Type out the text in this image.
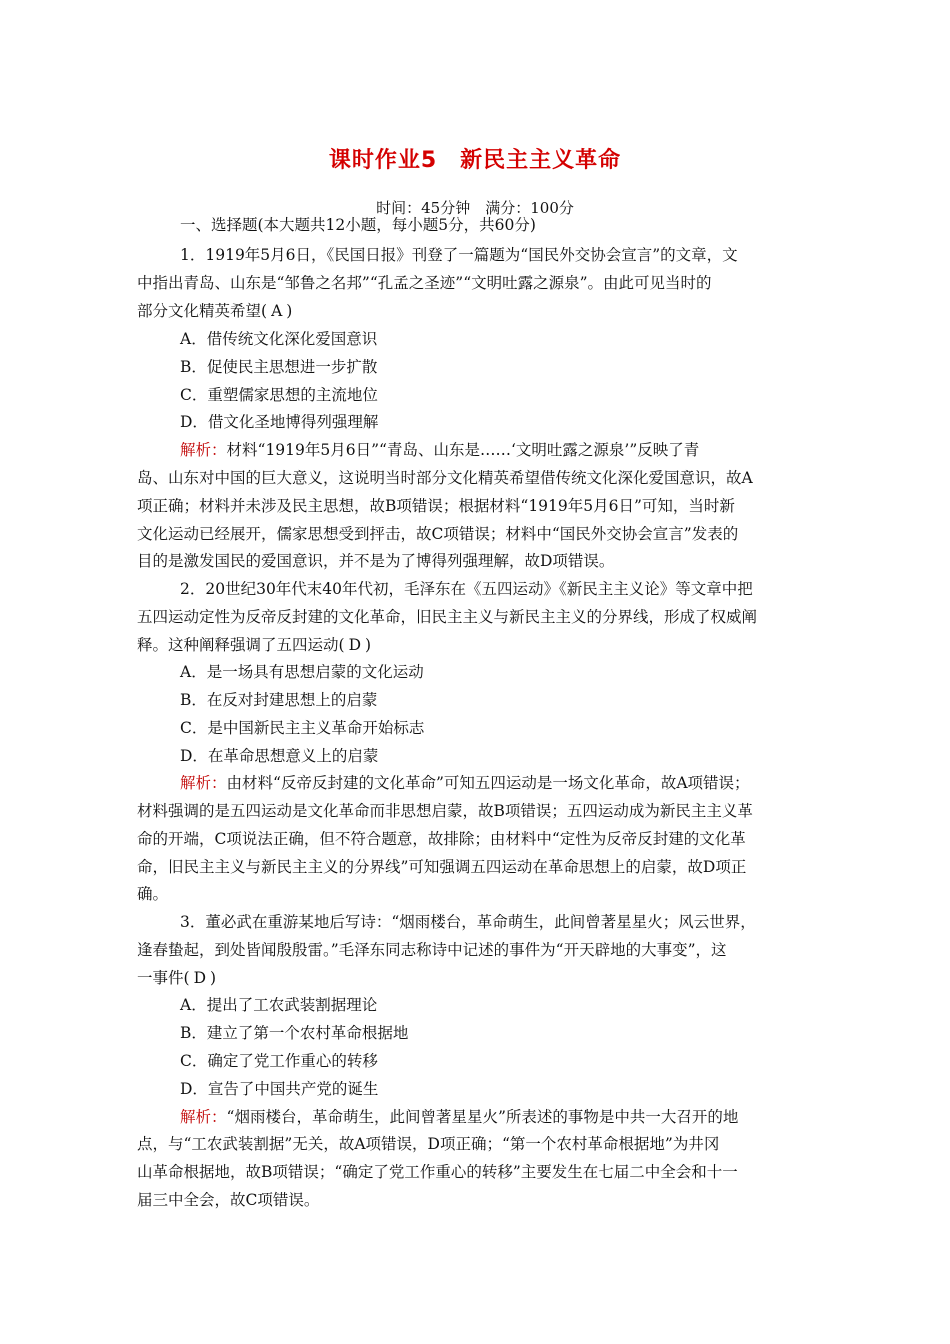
课时作业5　新民主主义革命
时间：45分钟　满分：100分
一、选择题(本大题共12小题，每小题5分，共60分)
1．1919年5月6日，《民国日报》刊登了一篇题为“国民外交协会宣言”的文章，文
中指出青岛、山东是“邹鲁之名邦”“孔孟之圣迹”“文明吐露之源泉”。由此可见当时的
部分文化精英希望( A )
A．借传统文化深化爱国意识
B．促使民主思想进一步扩散
C．重塑儒家思想的主流地位
D．借文化圣地博得列强理解
解析：材料“1919年5月6日”“青岛、山东是……‘文明吐露之源泉’”反映了青
岛、山东对中国的巨大意义，这说明当时部分文化精英希望借传统文化深化爱国意识，故A
项正确；材料并未涉及民主思想，故B项错误；根据材料“1919年5月6日”可知，当时新
文化运动已经展开，儒家思想受到抨击，故C项错误；材料中“国民外交协会宣言”发表的
目的是激发国民的爱国意识，并不是为了博得列强理解，故D项错误。
2．20世纪30年代末40年代初，毛泽东在《五四运动》《新民主主义论》等文章中把
五四运动定性为反帝反封建的文化革命，旧民主主义与新民主主义的分界线，形成了权威阐
释。这种阐释强调了五四运动( D )
A．是一场具有思想启蒙的文化运动
B．在反对封建思想上的启蒙
C．是中国新民主主义革命开始标志
D．在革命思想意义上的启蒙
解析：由材料“反帝反封建的文化革命”可知五四运动是一场文化革命，故A项错误；
材料强调的是五四运动是文化革命而非思想启蒙，故B项错误；五四运动成为新民主主义革
命的开端，C项说法正确，但不符合题意，故排除；由材料中“定性为反帝反封建的文化革
命，旧民主主义与新民主主义的分界线”可知强调五四运动在革命思想上的启蒙，故D项正
确。
3．董必武在重游某地后写诗：“烟雨楼台，革命萌生，此间曾著星星火；风云世界，
逢春蛰起，到处皆闻殷殷雷。”毛泽东同志称诗中记述的事件为“开天辟地的大事变”，这
一事件( D )
A．提出了工农武装割据理论
B．建立了第一个农村革命根据地
C．确定了党工作重心的转移
D．宣告了中国共产党的诞生
解析：“烟雨楼台，革命萌生，此间曾著星星火”所表述的事物是中共一大召开的地
点，与“工农武装割据”无关，故A项错误，D项正确；“第一个农村革命根据地”为井冈
山革命根据地，故B项错误；“确定了党工作重心的转移”主要发生在七届二中全会和十一
届三中全会，故C项错误。
